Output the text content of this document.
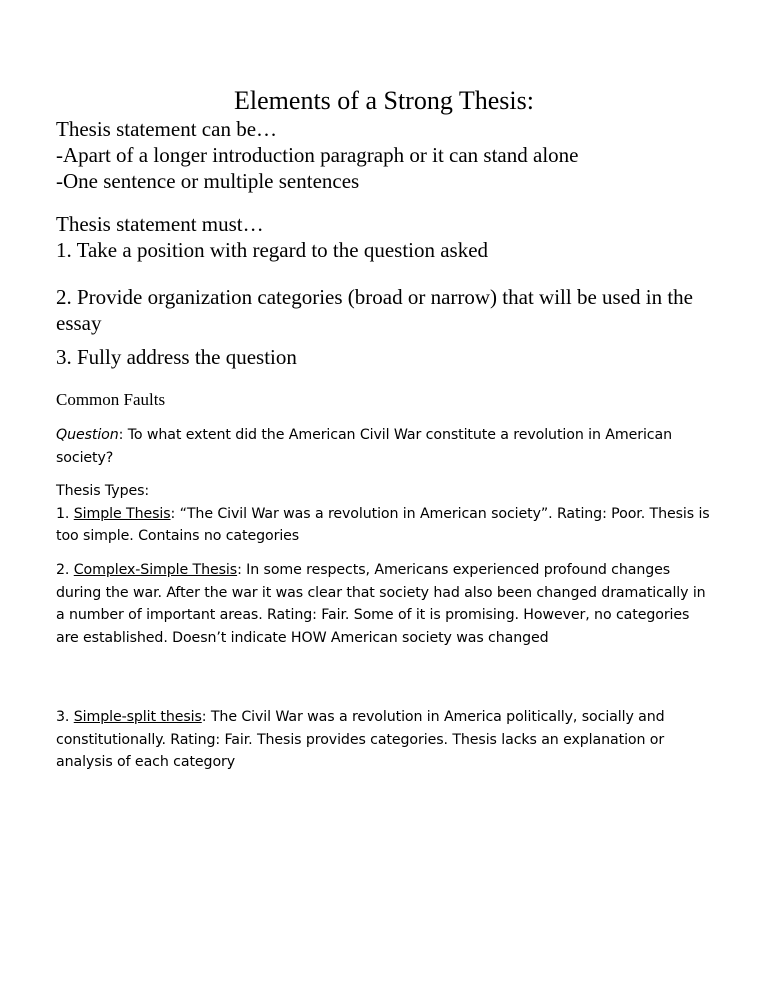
Elements of a Strong Thesis:

Thesis statement can be…

-Apart of a longer introduction paragraph or it can stand alone

-One sentence or multiple sentences

Thesis statement must…

1. Take a position with regard to the question asked

2. Provide organization categories (broad or narrow) that will be used in the essay

3. Fully address the question

Common Faults

Question: To what extent did the American Civil War constitute a revolution in American society?

Thesis Types:

1. Simple Thesis: “The Civil War was a revolution in American society”. Rating: Poor. Thesis is too simple. Contains no categories

2. Complex-Simple Thesis: In some respects, Americans experienced profound changes during the war. After the war it was clear that society had also been changed dramatically in a number of important areas. Rating: Fair. Some of it is promising. However, no categories are established. Doesn’t indicate HOW American society was changed

3. Simple-split thesis: The Civil War was a revolution in America politically, socially and constitutionally. Rating: Fair. Thesis provides categories. Thesis lacks an explanation or analysis of each category
